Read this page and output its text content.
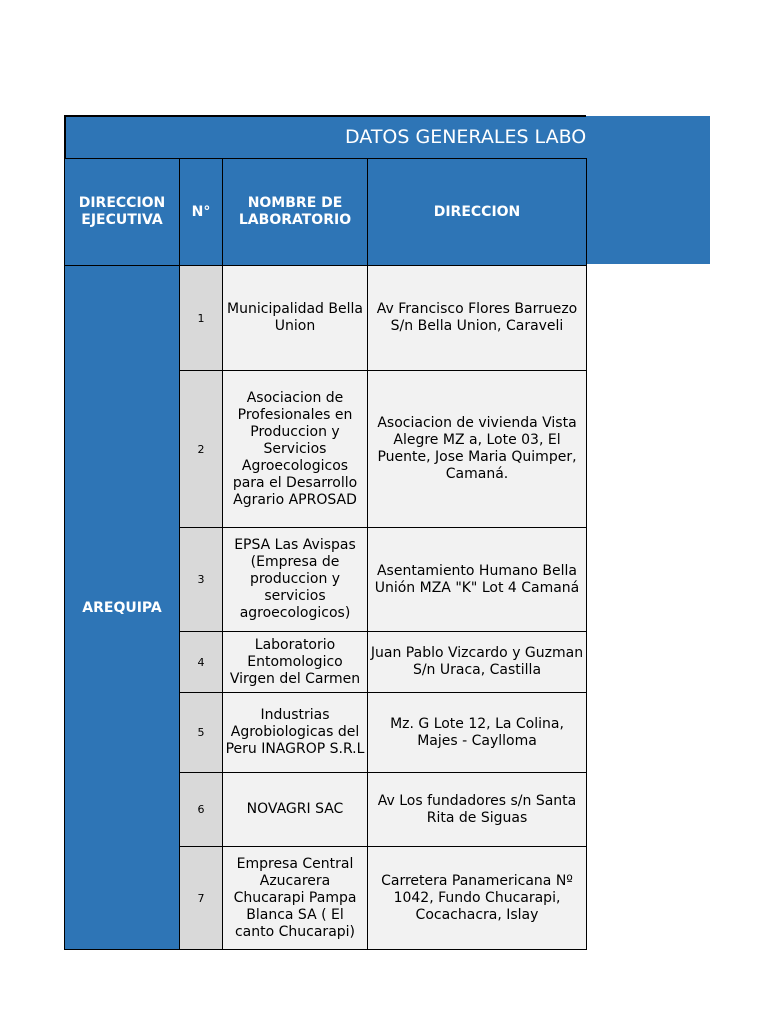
DATOS GENERALES LABO
DIRECCION EJECUTIVA	N°	NOMBRE DE LABORATORIO	DIRECCION
AREQUIPA	1	Municipalidad Bella Union	Av Francisco Flores Barruezo S/n Bella Union, Caraveli
	2	Asociacion de Profesionales en Produccion y Servicios Agroecologicos para el Desarrollo Agrario APROSAD	Asociacion de vivienda Vista Alegre MZ a, Lote 03, El Puente, Jose Maria Quimper, Camaná.
	3	EPSA Las Avispas (Empresa de produccion y servicios agroecologicos)	Asentamiento Humano Bella Unión MZA "K" Lot 4 Camaná
	4	Laboratorio Entomologico Virgen del Carmen	Juan Pablo Vizcardo y Guzman S/n Uraca, Castilla
	5	Industrias Agrobiologicas del Peru INAGROP S.R.L	Mz. G Lote 12, La Colina, Majes - Caylloma
	6	NOVAGRI SAC	Av Los fundadores s/n Santa Rita de Siguas
	7	Empresa Central Azucarera Chucarapi Pampa Blanca SA ( El canto Chucarapi)	Carretera Panamericana Nº 1042, Fundo Chucarapi, Cocachacra, Islay
